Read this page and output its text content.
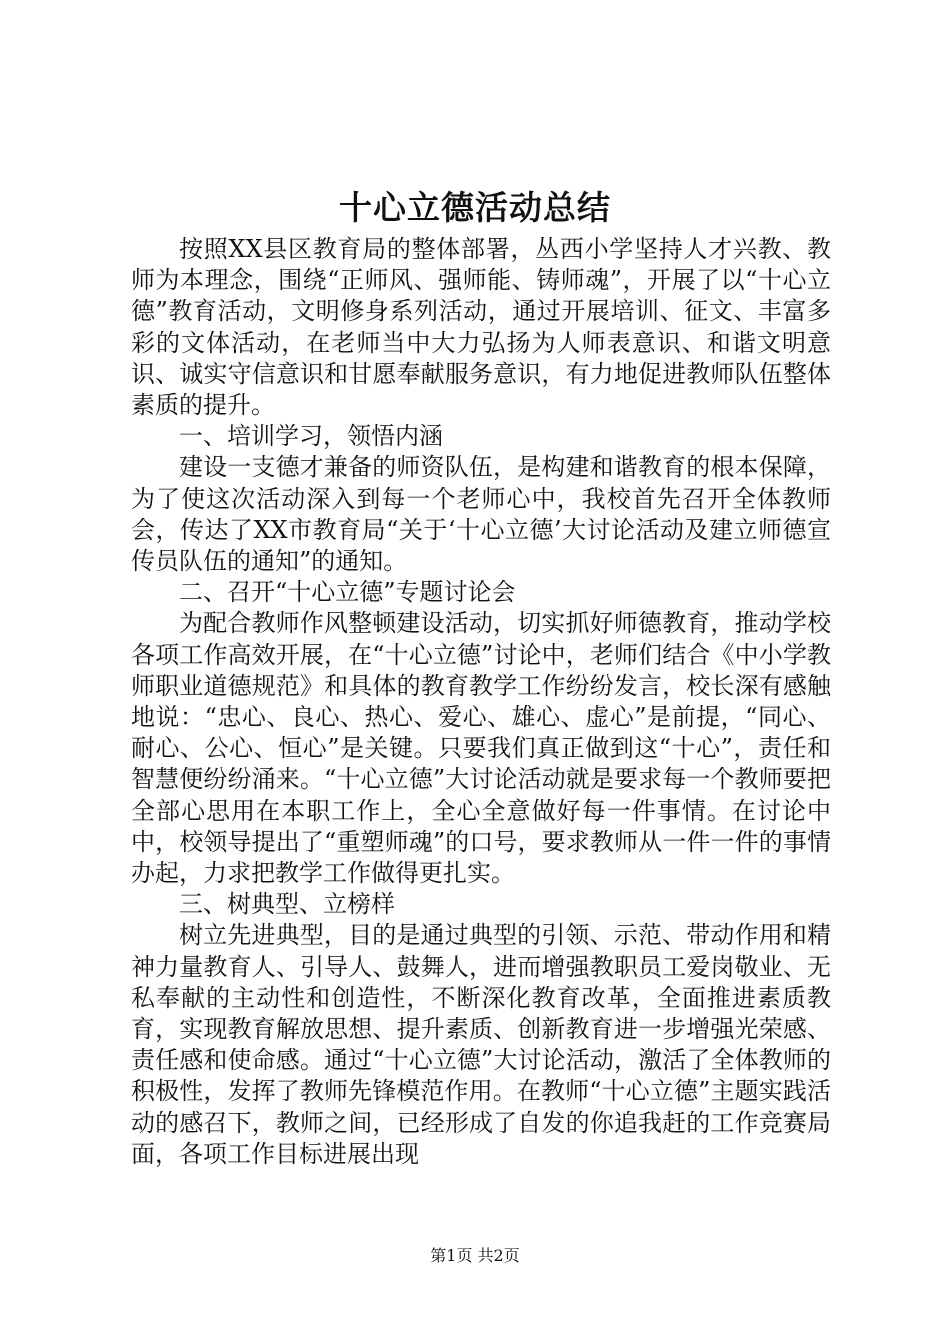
十心立德活动总结

按照XX县区教育局的整体部署，丛西小学坚持人才兴教、教师为本理念，围绕“正师风、强师能、铸师魂”，开展了以“十心立德”教育活动，文明修身系列活动，通过开展培训、征文、丰富多彩的文体活动，在老师当中大力弘扬为人师表意识、和谐文明意识、诚实守信意识和甘愿奉献服务意识，有力地促进教师队伍整体素质的提升。

一、培训学习，领悟内涵

建设一支德才兼备的师资队伍，是构建和谐教育的根本保障，为了使这次活动深入到每一个老师心中，我校首先召开全体教师会，传达了XX市教育局“关于‘十心立德’大讨论活动及建立师德宣传员队伍的通知”的通知。

二、召开“十心立德”专题讨论会

为配合教师作风整顿建设活动，切实抓好师德教育，推动学校各项工作高效开展，在“十心立德”讨论中，老师们结合《中小学教师职业道德规范》和具体的教育教学工作纷纷发言，校长深有感触地说：“忠心、良心、热心、爱心、雄心、虚心”是前提，“同心、耐心、公心、恒心”是关键。只要我们真正做到这“十心”，责任和智慧便纷纷涌来。“十心立德”大讨论活动就是要求每一个教师要把全部心思用在本职工作上，全心全意做好每一件事情。在讨论中中，校领导提出了“重塑师魂”的口号，要求教师从一件一件的事情办起，力求把教学工作做得更扎实。

三、树典型、立榜样

树立先进典型，目的是通过典型的引领、示范、带动作用和精神力量教育人、引导人、鼓舞人，进而增强教职员工爱岗敬业、无私奉献的主动性和创造性，不断深化教育改革，全面推进素质教育，实现教育解放思想、提升素质、创新教育进一步增强光荣感、责任感和使命感。通过“十心立德”大讨论活动，激活了全体教师的积极性，发挥了教师先锋模范作用。在教师“十心立德”主题实践活动的感召下，教师之间，已经形成了自发的你追我赶的工作竞赛局面，各项工作目标进展出现

第1页 共2页
